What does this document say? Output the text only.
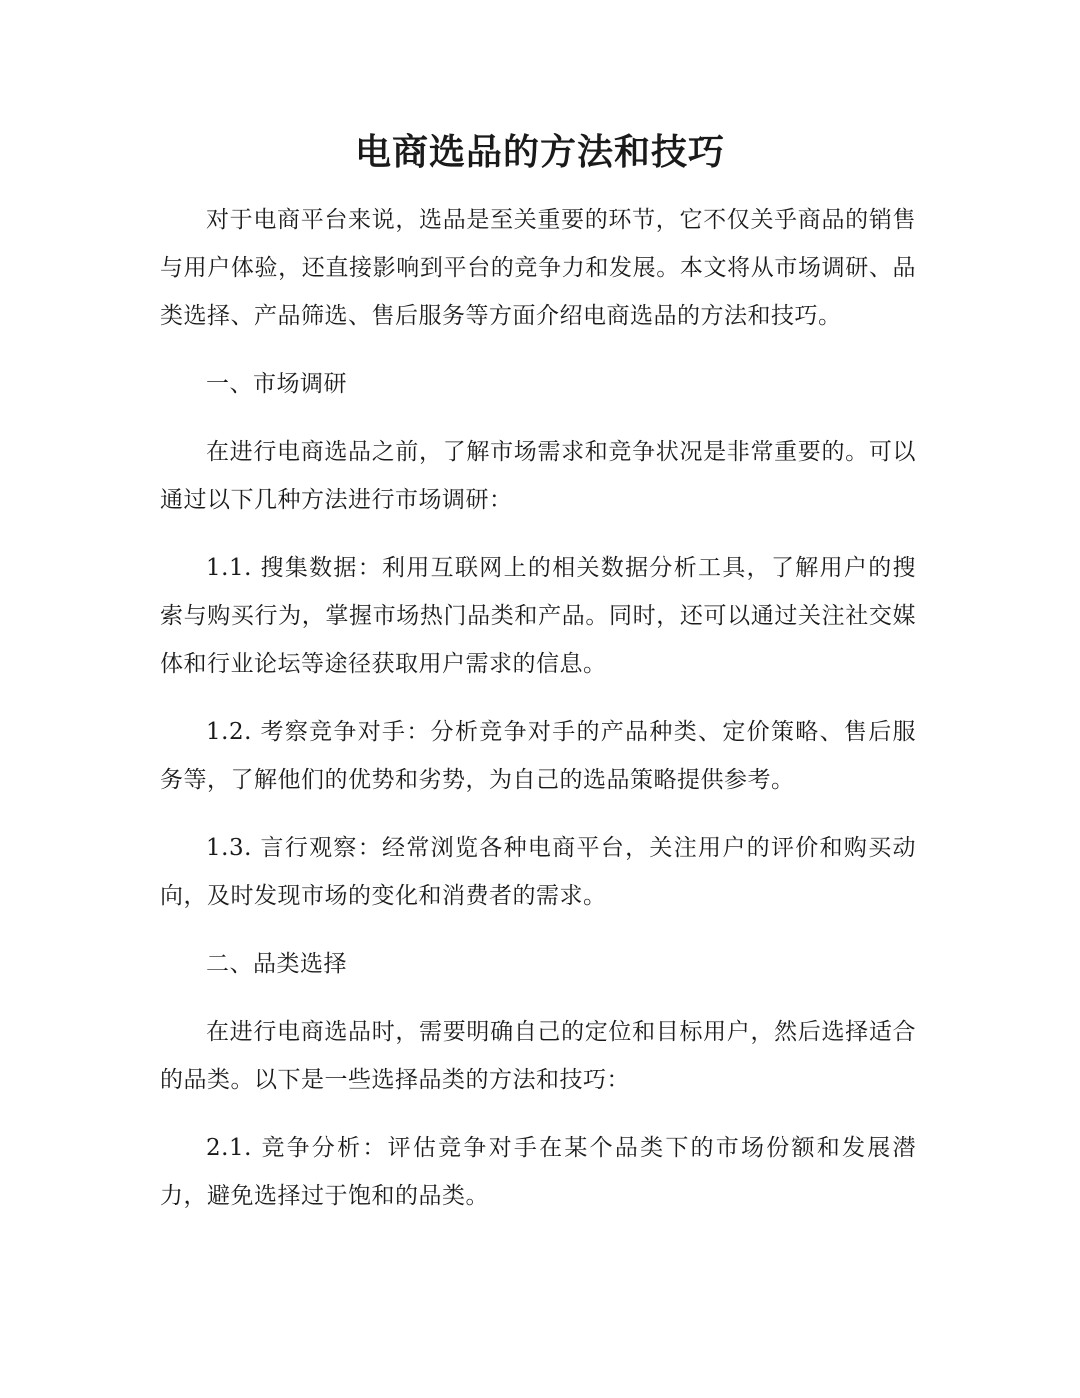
电商选品的方法和技巧

对于电商平台来说，选品是至关重要的环节，它不仅关乎商品的销售与用户体验，还直接影响到平台的竞争力和发展。本文将从市场调研、品类选择、产品筛选、售后服务等方面介绍电商选品的方法和技巧。

一、市场调研

在进行电商选品之前，了解市场需求和竞争状况是非常重要的。可以通过以下几种方法进行市场调研：

1.1. 搜集数据：利用互联网上的相关数据分析工具，了解用户的搜索与购买行为，掌握市场热门品类和产品。同时，还可以通过关注社交媒体和行业论坛等途径获取用户需求的信息。

1.2. 考察竞争对手：分析竞争对手的产品种类、定价策略、售后服务等，了解他们的优势和劣势，为自己的选品策略提供参考。

1.3. 言行观察：经常浏览各种电商平台，关注用户的评价和购买动向，及时发现市场的变化和消费者的需求。

二、品类选择

在进行电商选品时，需要明确自己的定位和目标用户，然后选择适合的品类。以下是一些选择品类的方法和技巧：

2.1. 竞争分析：评估竞争对手在某个品类下的市场份额和发展潜力，避免选择过于饱和的品类。
